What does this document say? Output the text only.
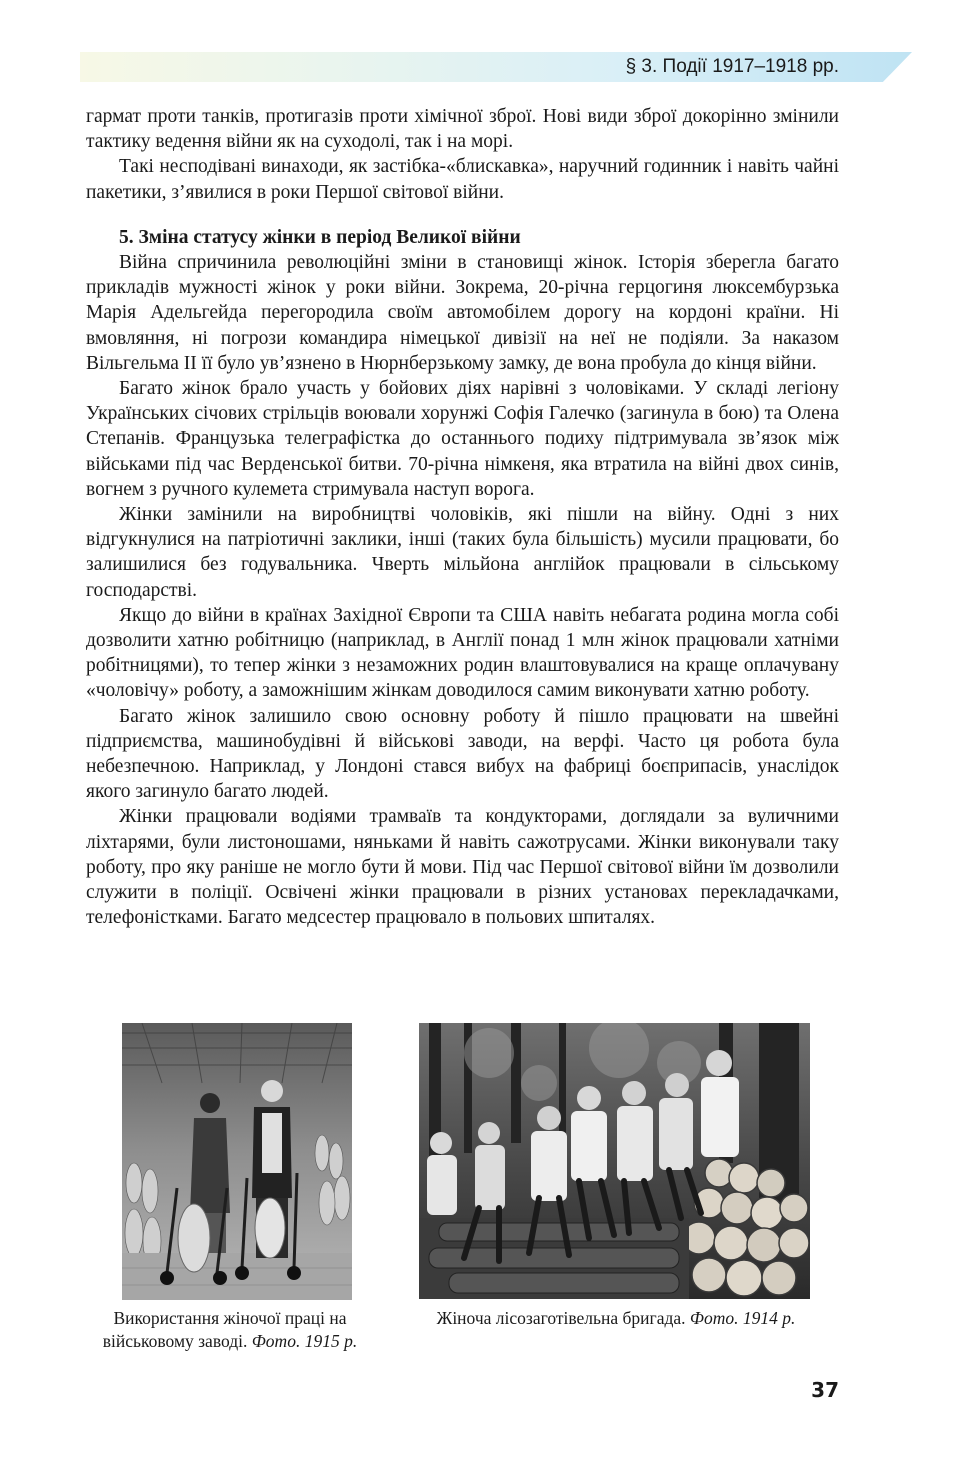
§ 3. Події 1917–1918 рр.

гармат проти танків, протигазів проти хімічної зброї. Нові види зброї докорінно змінили тактику ведення війни як на суходолі, так і на морі.

Такі несподівані винаходи, як застібка-«блискавка», наручний годинник і навіть чайні пакетики, з’явилися в роки Першої світової війни.

5. Зміна статусу жінки в період Великої війни

Війна спричинила революційні зміни в становищі жінок. Історія зберегла багато прикладів мужності жінок у роки війни. Зокрема, 20-річна герцогиня люксембурзька Марія Адельгейда перегородила своїм автомобілем дорогу на кордоні країни. Ні вмовляння, ні погрози командира німецької дивізії на неї не подіяли. За наказом Вільгельма ІІ її було ув’язнено в Нюрнберзькому замку, де вона пробула до кінця війни.

Багато жінок брало участь у бойових діях нарівні з чоловіками. У складі легіону Українських січових стрільців воювали хорунжі Софія Галечко (загинула в бою) та Олена Степанів. Французька телеграфістка до останнього подиху підтримувала зв’язок між військами під час Верденської битви. 70-річна німкеня, яка втратила на війні двох синів, вогнем з ручного кулемета стримувала наступ ворога.

Жінки замінили на виробництві чоловіків, які пішли на війну. Одні з них відгукнулися на патріотичні заклики, інші (таких була більшість) мусили працювати, бо залишилися без годувальника. Чверть мільйона англійок працювали в сільському господарстві.

Якщо до війни в країнах Західної Європи та США навіть небагата родина могла собі дозволити хатню робітницю (наприклад, в Англії понад 1 млн жінок працювали хатніми робітницями), то тепер жінки з незаможних родин влаштовувалися на краще оплачувану «чоловічу» роботу, а заможнішим жінкам доводилося самим виконувати хатню роботу.

Багато жінок залишило свою основну роботу й пішло працювати на швейні підприємства, машинобудівні й військові заводи, на верфі. Часто ця робота була небезпечною. Наприклад, у Лондоні стався вибух на фабриці боєприпасів, унаслідок якого загинуло багато людей.

Жінки працювали водіями трамваїв та кондукторами, доглядали за вуличними ліхтарями, були листоношами, няньками й навіть сажотрусами. Жінки виконували таку роботу, про яку раніше не могло бути й мови. Під час Першої світової війни їм дозволили служити в поліції. Освічені жінки працювали в різних установах перекладачками, телефоністками. Багато медсестер працювало в польових шпиталях.

Використання жіночої праці на військовому заводі. Фото. 1915 р.
Жіноча лісозаготівельна бригада. Фото. 1914 р.
37
